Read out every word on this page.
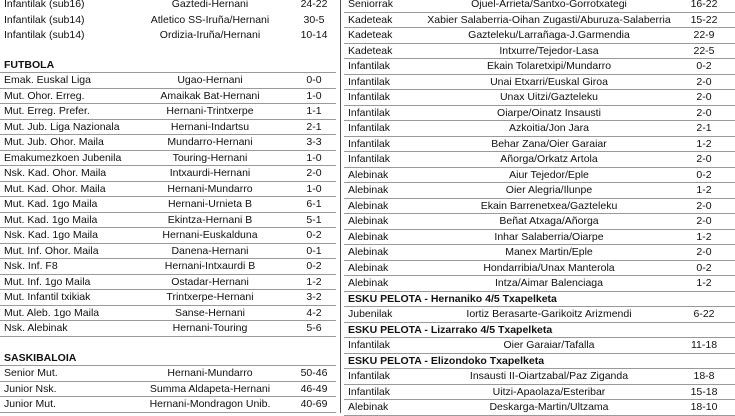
Infantilak (sub16)	Gaztedi-Hernani	24-22
Infantilak (sub14)	Atletico SS-Iruña/Hernani	30-5
Infantilak (sub14)	Ordizia-Iruña/Hernani	10-14
FUTBOLA
Emak. Euskal Liga	Ugao-Hernani	0-0
Mut. Ohor. Erreg.	Amaikak Bat-Hernani	1-0
Mut. Erreg. Prefer.	Hernani-Trintxerpe	1-1
Mut. Jub. Liga Nazionala	Hernani-Indartsu	2-1
Mut. Jub. Ohor. Maila	Mundarro-Hernani	3-3
Emakumezkoen Jubenila	Touring-Hernani	1-0
Nsk. Kad. Ohor. Maila	Intxaurdi-Hernani	2-0
Mut. Kad. Ohor. Maila	Hernani-Mundarro	1-0
Mut. Kad. 1go Maila	Hernani-Urnieta B	6-1
Mut. Kad. 1go Maila	Ekintza-Hernani B	5-1
Nsk. Kad. 1go Maila	Hernani-Euskalduna	0-2
Mut. Inf. Ohor. Maila	Danena-Hernani	0-1
Nsk. Inf. F8	Hernani-Intxaurdi B	0-2
Mut. Inf. 1go Maila	Ostadar-Hernani	1-2
Mut. Infantil txikiak	Trintxerpe-Hernani	3-2
Mut. Aleb. 1go Maila	Sanse-Hernani	4-2
Nsk. Alebinak	Hernani-Touring	5-6
SASKIBALOIA
Senior Mut.	Hernani-Mundarro	50-46
Junior Nsk.	Summa Aldapeta-Hernani	46-49
Junior Mut.	Hernani-Mondragon Unib.	40-69
Seniorrak	Ojuel-Arrieta/Santxo-Gorrotxategi	16-22
Kadeteak	Xabier Salaberria-Oihan Zugasti/Aburuza-Salaberria	15-22
Kadeteak	Gazteleku/Larrañaga-J.Garmendia	22-9
Kadeteak	Intxurre/Tejedor-Lasa	22-5
Infantilak	Ekain Tolaretxipi/Mundarro	0-2
Infantilak	Unai Etxarri/Euskal Giroa	2-0
Infantilak	Unax Uitzi/Gazteleku	2-0
Infantilak	Oiarpe/Oinatz Insausti	2-0
Infantilak	Azkoitia/Jon Jara	2-1
Infantilak	Behar Zana/Oier Garaiar	1-2
Infantilak	Añorga/Orkatz Artola	2-0
Alebinak	Aiur Tejedor/Eple	0-2
Alebinak	Oier Alegria/Ilunpe	1-2
Alebinak	Ekain Barrenetxea/Gazteleku	2-0
Alebinak	Beñat Atxaga/Añorga	2-0
Alebinak	Inhar Salaberria/Oiarpe	1-2
Alebinak	Manex Martin/Eple	2-0
Alebinak	Hondarribia/Unax Manterola	0-2
Alebinak	Intza/Aimar Balenciaga	1-2
ESKU PELOTA - Hernaniko 4/5 Txapelketa
Jubenilak	Iortiz Berasarte-Garikoitz Arizmendi	6-22
ESKU PELOTA - Lizarrako 4/5 Txapelketa
Infantilak	Oier Garaiar/Tafalla	11-18
ESKU PELOTA - Elizondoko Txapelketa
Infantilak	Insausti II-Oiartzabal/Paz Ziganda	18-8
Infantilak	Uitzi-Apaolaza/Esteribar	15-18
Alebinak	Deskarga-Martin/Ultzama	18-10
